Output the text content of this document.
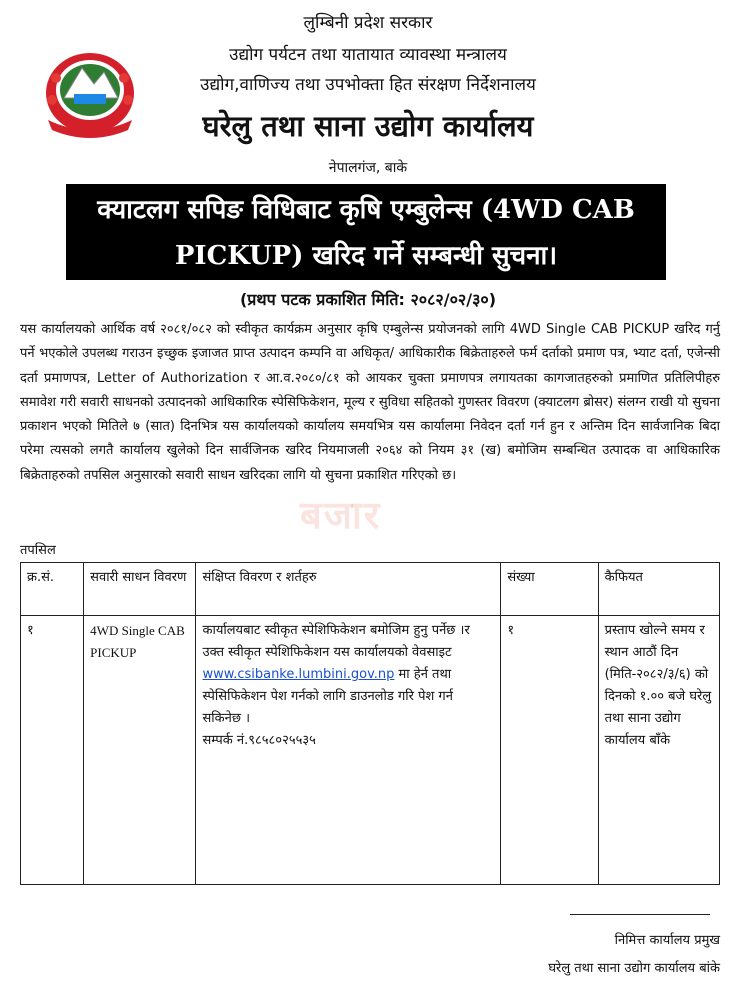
लुम्बिनी प्रदेश सरकार
उद्योग पर्यटन तथा यातायात व्यावस्था मन्त्रालय
उद्योग,वाणिज्य तथा उपभोक्ता हित संरक्षण निर्देशनालय
घरेलु तथा साना उद्योग कार्यालय
नेपालगंज, बाके
क्याटलग सपिङ विधिबाट कृषि एम्बुलेन्स (4WD CAB
PICKUP) खरिद गर्ने सम्बन्धी सुचना।
(प्रथप पटक प्रकाशित मिति: २०८२/०२/३०)

यस कार्यालयको आर्थिक वर्ष २०८१/०८२ को स्वीकृत कार्यक्रम अनुसार कृषि एम्बुलेन्स प्रयोजनको लागि 4WD Single CAB PICKUP खरिद गर्नु पर्ने भएकोले उपलब्ध गराउन इच्छुक इजाजत प्राप्त उत्पादन कम्पनि वा अधिकृत/ आधिकारीक बिक्रेताहरुले फर्म दर्ताको प्रमाण पत्र, भ्याट दर्ता, एजेन्सी दर्ता प्रमाणपत्र, Letter of Authorization र आ.व.२०८०/८१ को आयकर चुक्ता प्रमाणपत्र लगायतका कागजातहरुको प्रमाणित प्रतिलिपीहरु समावेश गरी सवारी साधनको उत्पादनको आधिकारिक स्पेसिफिकेशन, मूल्य र सुविधा सहितको गुणस्तर विवरण (क्याटलग ब्रोसर) संलग्न राखी यो सुचना प्रकाशन भएको मितिले ७ (सात) दिनभित्र यस कार्यालयको कार्यालय समयभित्र यस कार्यालमा निवेदन दर्ता गर्न हुन र अन्तिम दिन सार्वजानिक बिदा परेमा त्यसको लगतै कार्यालय खुलेको दिन सार्वजिनक खरिद नियमाजली २०६४ को नियम ३१ (ख) बमोजिम सम्बन्धित उत्पादक वा आधिकारिक बिक्रेताहरुको तपसिल अनुसारको सवारी साधन खरिदका लागि यो सुचना प्रकाशित गरिएको छ।

बजार
तपसिल
क्र.सं.	सवारी साधन विवरण	संक्षिप्त विवरण र शर्तहरु	संख्या	कैफियत
१	4WD Single CAB PICKUP	कार्यालयबाट स्वीकृत स्पेशिफिकेशन बमोजिम हुनु पर्नेछ ।र उक्त स्वीकृत स्पेशिफिकेशन यस कार्यालयको वेवसाइट
www.csibanke.lumbini.gov.np मा हेर्न तथा स्पेसिफिकेशन पेश गर्नको लागि डाउनलोड गरि पेश गर्न सकिनेछ ।
सम्पर्क नं.९८५८०२५५३५	१	प्रस्ताप खोल्ने समय र स्थान आठौं दिन (मिति-२०८२/३/६) को दिनको १.०० बजे घरेलु तथा साना उद्योग कार्यालय बाँके
निमित्त कार्यालय प्रमुख
घरेलु तथा साना उद्योग कार्यालय बांके
